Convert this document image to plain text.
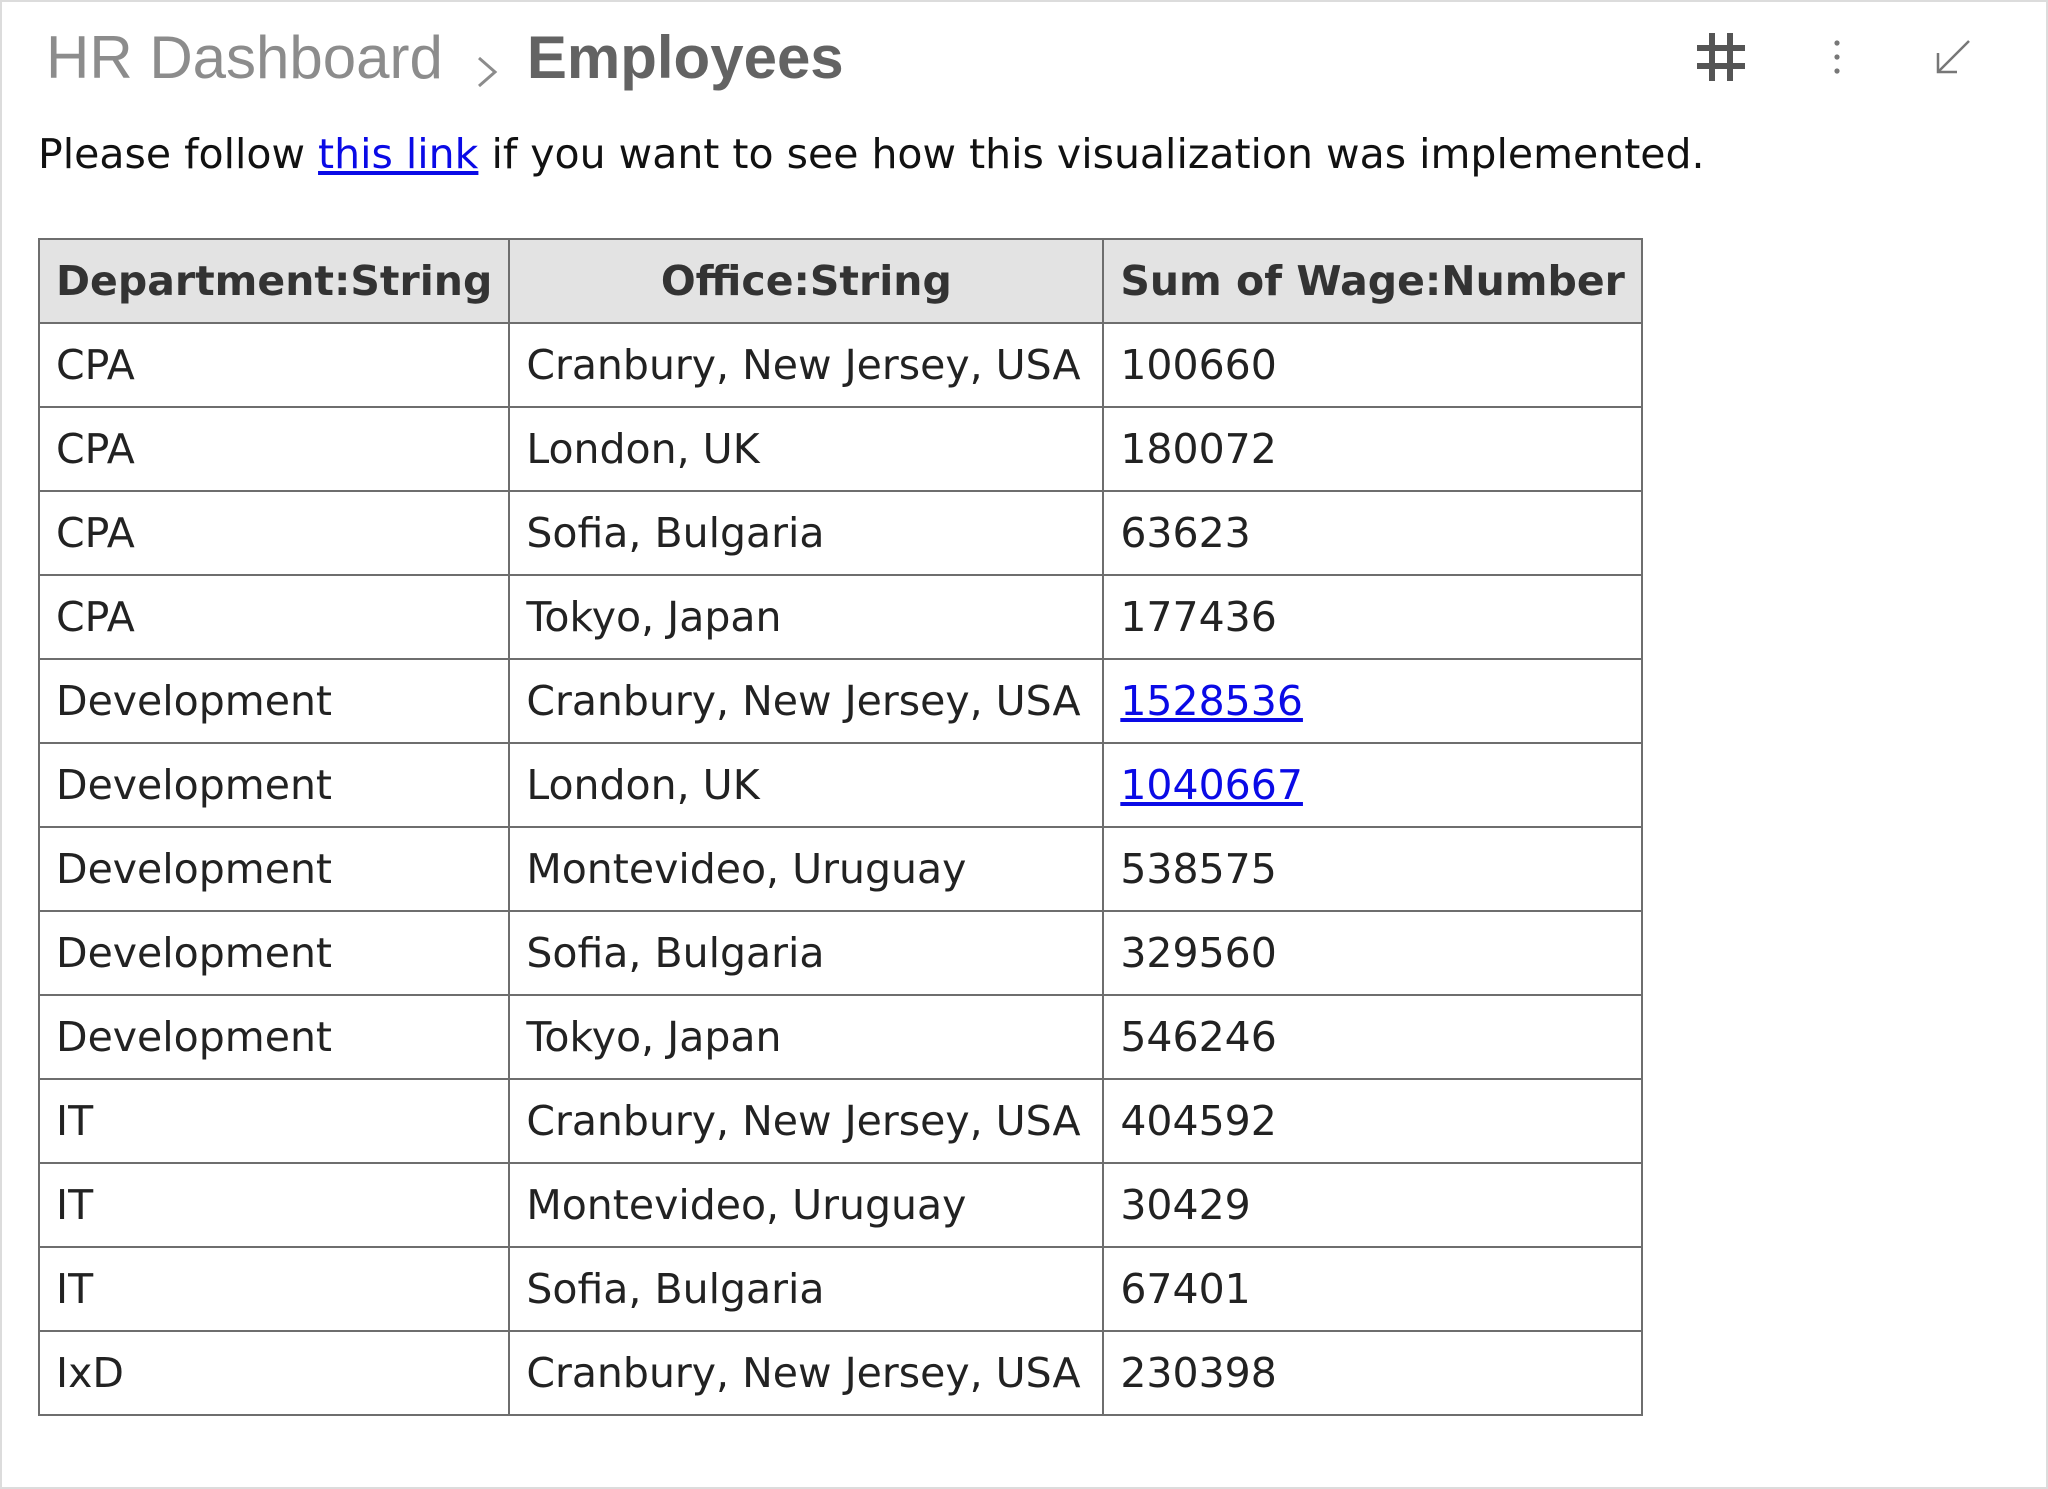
HR Dashboard Employees
Please follow this link if you want to see how this visualization was implemented.
Department:String	Office:String	Sum of Wage:Number
CPA	Cranbury, New Jersey, USA	100660
CPA	London, UK	180072
CPA	Sofia, Bulgaria	63623
CPA	Tokyo, Japan	177436
Development	Cranbury, New Jersey, USA	1528536
Development	London, UK	1040667
Development	Montevideo, Uruguay	538575
Development	Sofia, Bulgaria	329560
Development	Tokyo, Japan	546246
IT	Cranbury, New Jersey, USA	404592
IT	Montevideo, Uruguay	30429
IT	Sofia, Bulgaria	67401
IxD	Cranbury, New Jersey, USA	230398
